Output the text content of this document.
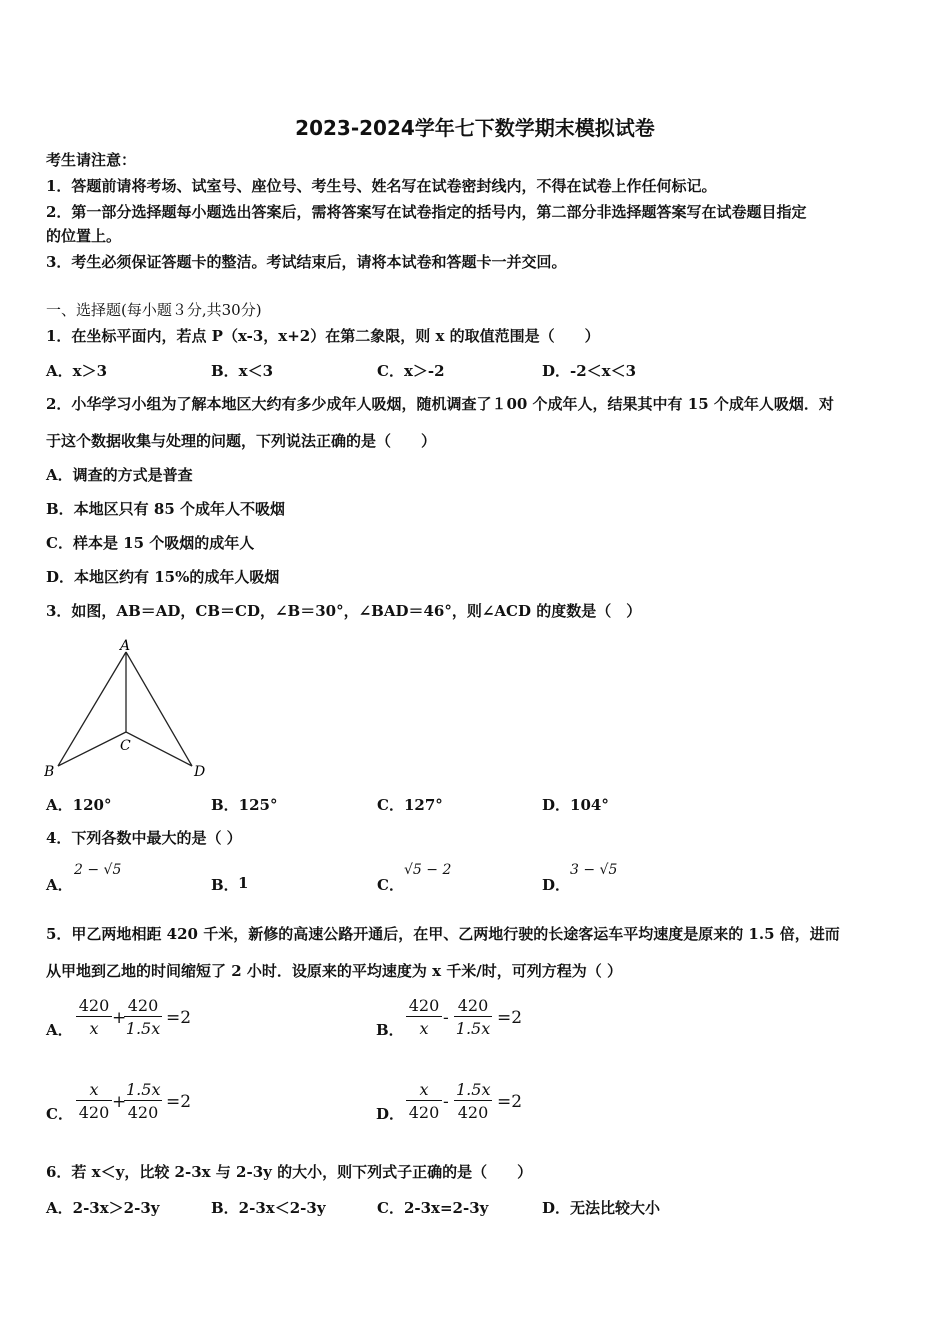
2023-2024学年七下数学期末模拟试卷
考生请注意：
1．答题前请将考场、试室号、座位号、考生号、姓名写在试卷密封线内，不得在试卷上作任何标记。
2．第一部分选择题每小题选出答案后，需将答案写在试卷指定的括号内，第二部分非选择题答案写在试卷题目指定
的位置上。
3．考生必须保证答题卡的整洁。考试结束后，请将本试卷和答题卡一并交回。
一、选择题(每小题３分,共30分)
1．在坐标平面内，若点 P（x-3，x+2）在第二象限，则 x 的取值范围是（　　）
A．x＞3	B．x＜3	C．x＞-2	D．-2＜x＜3
2．小华学习小组为了解本地区大约有多少成年人吸烟，随机调查了１00 个成年人，结果其中有 15 个成年人吸烟．对
于这个数据收集与处理的问题，下列说法正确的是（　　）
A．调查的方式是普查
B．本地区只有 85 个成年人不吸烟
C．样本是 15 个吸烟的成年人
D．本地区约有 15%的成年人吸烟
3．如图，AB＝AD，CB＝CD，∠B＝30°，∠BAD＝46°，则∠ACD 的度数是（　）
A
C
B	D
A．120°	B．125°	C．127°	D．104°
4．下列各数中最大的是（ ）
A．	B．	C．	D．
2 − √5
1
√5 − 2	3 − √5
5．甲乙两地相距 420 千米，新修的高速公路开通后，在甲、乙两地行驶的长途客运车平均速度是原来的 1.5 倍，进而
从甲地到乙地的时间缩短了 2 小时．设原来的平均速度为 x 千米/时，可列方程为（ ）
A． $\frac{420}{x}$ +
$\frac{420}{1.5x} =2$
B． $\frac{420}{x} - \frac{420}{1.5x} =2$
C． $\frac{x}{420}$ +
$\frac{1.5x}{420} =2$
D． $\frac{x}{420} - \frac{1.5x}{420} =2$
6．若 x＜y，比较 2-3x 与 2-3y 的大小，则下列式子正确的是（　　）
A．2-3x＞2-3y	B．2-3x＜2-3y	C．2-3x=2-3y	D．无法比较大小
